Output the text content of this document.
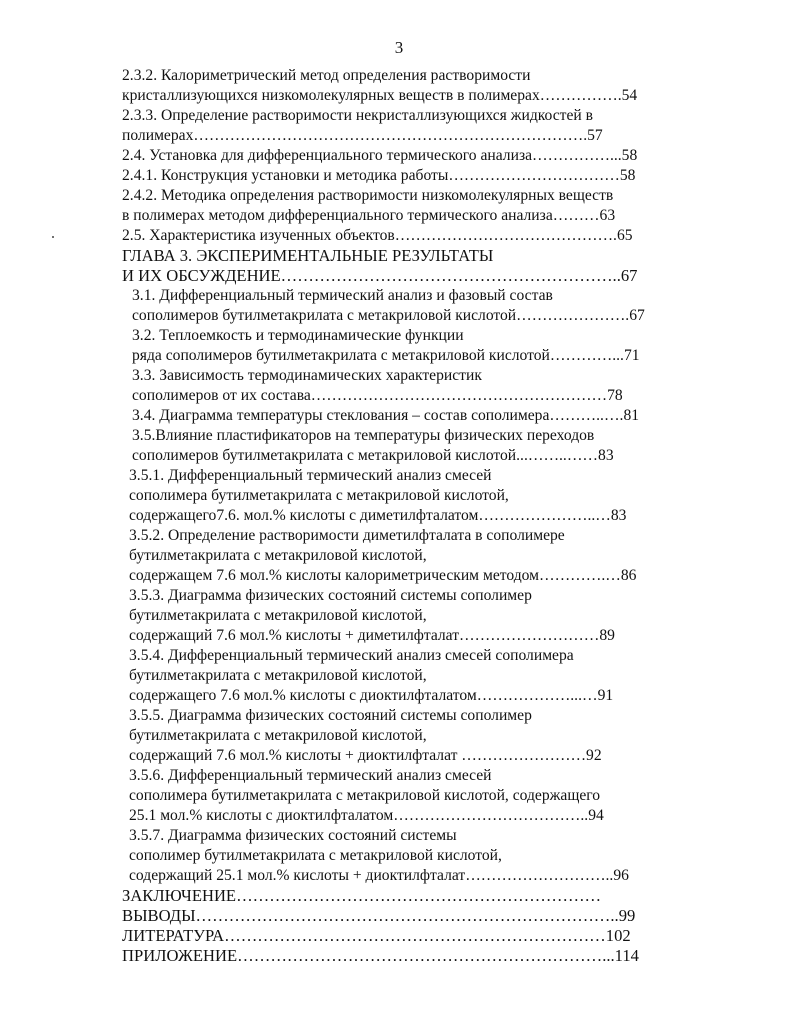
3
2.3.2. Калориметрический метод определения растворимости
кристаллизующихся низкомолекулярных веществ в полимерах…………….54
2.3.3. Определение растворимости некристаллизующихся жидкостей в
полимерах………………………………………………………………….57
2.4. Установка для дифференциального термического анализа……………...58
2.4.1. Конструкция установки и методика работы……………………………58
2.4.2. Методика определения растворимости низкомолекулярных веществ
в полимерах методом дифференциального термического анализа………63
2.5. Характеристика изученных объектов…………………………………….65
ГЛАВА 3. ЭКСПЕРИМЕНТАЛЬНЫЕ РЕЗУЛЬТАТЫ
И ИХ ОБСУЖДЕНИЕ……………………………………………………..67
3.1. Дифференциальный термический анализ и фазовый состав
сополимеров бутилметакрилата с метакриловой кислотой………………….67
3.2. Теплоемкость и термодинамические функции
ряда сополимеров бутилметакрилата с метакриловой кислотой…………...71
3.3. Зависимость термодинамических характеристик
сополимеров от их состава…………………………………………………78
3.4. Диаграмма температуры стеклования – состав сополимера………..….81
3.5.Влияние пластификаторов на температуры физических переходов
сополимеров бутилметакрилата с метакриловой кислотой...……..……83
3.5.1. Дифференциальный термический анализ смесей
сополимера бутилметакрилата с метакриловой кислотой,
содержащего7.6. мол.% кислоты с диметилфталатом…………………..…83
3.5.2. Определение растворимости диметилфталата в сополимере
бутилметакрилата с метакриловой кислотой,
содержащем 7.6 мол.% кислоты калориметрическим методом………….…86
3.5.3. Диаграмма физических состояний системы сополимер
бутилметакрилата с метакриловой кислотой,
содержащий 7.6 мол.% кислоты + диметилфталат………………………89
3.5.4. Дифференциальный термический анализ смесей сополимера
бутилметакрилата с метакриловой кислотой,
содержащего 7.6 мол.% кислоты с диоктилфталатом………………...…91
3.5.5. Диаграмма физических состояний системы сополимер
бутилметакрилата с метакриловой кислотой,
содержащий 7.6 мол.% кислоты + диоктилфталат ……………………92
3.5.6. Дифференциальный термический анализ смесей
сополимера бутилметакрилата с метакриловой кислотой, содержащего
25.1 мол.% кислоты с диоктилфталатом………………………………..94
3.5.7. Диаграмма физических состояний системы
сополимер бутилметакрилата с метакриловой кислотой,
содержащий 25.1 мол.% кислоты + диоктилфталат………………………..96
ЗАКЛЮЧЕНИЕ…………………………………………………………
ВЫВОДЫ…………………………………………………………………..99
ЛИТЕРАТУРА……………………………………………………………102
ПРИЛОЖЕНИЕ…………………………………………………………...114
